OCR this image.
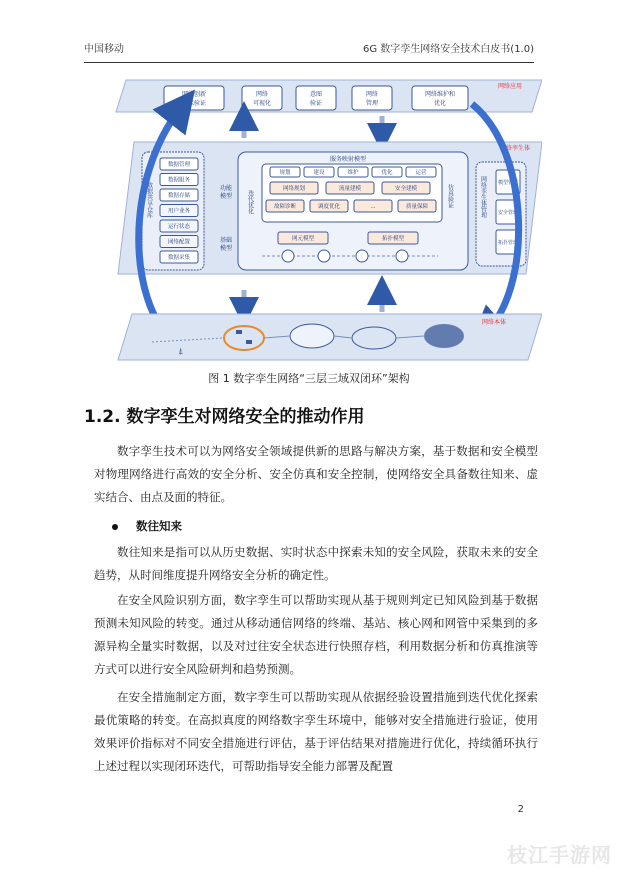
中国移动	6G 数字孪生网络安全技术白皮书(1.0)
网络应用
网络创新
技术验证
网络
可视化
意图
验证
网络
管理
网络维护和
优化
网络孪生体
数据共享仓库
数据管理
数据服务
数据存储
用户业务
运行状态
网络配置
数据采集
功能
模型
基础
模型
服务映射模型
规划	建设	维护	优化	运营
迭代优化	仿真验证
网络规划	流量建模	安全建模
故障诊断	调度优化	...	质量保障
网元模型	拓扑模型
网络孪生体管理 模型管理
安全管理
拓扑管理
网络本体
⍋
图 1 数字孪生网络“三层三域双闭环”架构
1.2. 数字孪生对网络安全的推动作用
数字孪生技术可以为网络安全领域提供新的思路与解决方案，基于数据和安全模型对物理网络进行高效的安全分析、安全仿真和安全控制，使网络安全具备数往知来、虚实结合、由点及面的特征。
数往知来
数往知来是指可以从历史数据、实时状态中探索未知的安全风险，获取未来的安全趋势，从时间维度提升网络安全分析的确定性。
在安全风险识别方面，数字孪生可以帮助实现从基于规则判定已知风险到基于数据预测未知风险的转变。通过从移动通信网络的终端、基站、核心网和网管中采集到的多源异构全量实时数据，以及对过往安全状态进行快照存档，利用数据分析和仿真推演等方式可以进行安全风险研判和趋势预测。
在安全措施制定方面，数字孪生可以帮助实现从依据经验设置措施到迭代优化探索最优策略的转变。在高拟真度的网络数字孪生环境中，能够对安全措施进行验证，使用效果评价指标对不同安全措施进行评估，基于评估结果对措施进行优化，持续循环执行上述过程以实现闭环迭代，可帮助指导安全能力部署及配置
2
枝江手游网
